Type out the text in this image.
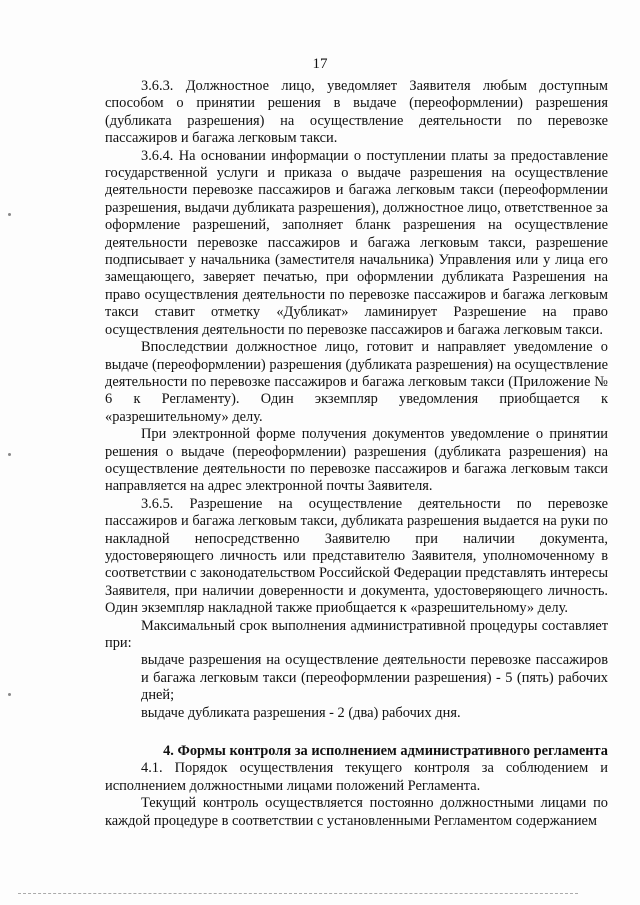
17

3.6.3. Должностное лицо, уведомляет Заявителя любым доступным способом о принятии решения в выдаче (переоформлении) разрешения (дубликата разрешения) на осуществление деятельности по перевозке пассажиров и багажа легковым такси.

3.6.4. На основании информации о поступлении платы за предоставление государственной услуги и приказа о выдаче разрешения на осуществление деятельности перевозке пассажиров и багажа легковым такси (переоформлении разрешения, выдачи дубликата разрешения), должностное лицо, ответственное за оформление разрешений, заполняет бланк разрешения на осуществление деятельности перевозке пассажиров и багажа легковым такси, разрешение подписывает у начальника (заместителя начальника) Управления или у лица его замещающего, заверяет печатью, при оформлении дубликата Разрешения на право осуществления деятельности по перевозке пассажиров и багажа легковым такси ставит отметку «Дубликат» ламинирует Разрешение на право осуществления деятельности по перевозке пассажиров и багажа легковым такси.

Впоследствии должностное лицо, готовит и направляет уведомление о выдаче (переоформлении) разрешения (дубликата разрешения) на осуществление деятельности по перевозке пассажиров и багажа легковым такси (Приложение № 6 к Регламенту). Один экземпляр уведомления приобщается к «разрешительному» делу.

При электронной форме получения документов уведомление о принятии решения о выдаче (переоформлении) разрешения (дубликата разрешения) на осуществление деятельности по перевозке пассажиров и багажа легковым такси направляется на адрес электронной почты Заявителя.

3.6.5. Разрешение на осуществление деятельности по перевозке пассажиров и багажа легковым такси, дубликата разрешения выдается на руки по накладной непосредственно Заявителю при наличии документа, удостоверяющего личность или представителю Заявителя, уполномоченному в соответствии с законодательством Российской Федерации представлять интересы Заявителя, при наличии доверенности и документа, удостоверяющего личность. Один экземпляр накладной также приобщается к «разрешительному» делу.

Максимальный срок выполнения административной процедуры составляет при:

выдаче разрешения на осуществление деятельности перевозке пассажиров и багажа легковым такси (переоформлении разрешения) - 5 (пять) рабочих дней;

выдаче дубликата разрешения - 2 (два) рабочих дня.

4. Формы контроля за исполнением административного регламента

4.1. Порядок осуществления текущего контроля за соблюдением и исполнением должностными лицами положений Регламента.

Текущий контроль осуществляется постоянно должностными лицами по каждой процедуре в соответствии с установленными Регламентом содержанием
